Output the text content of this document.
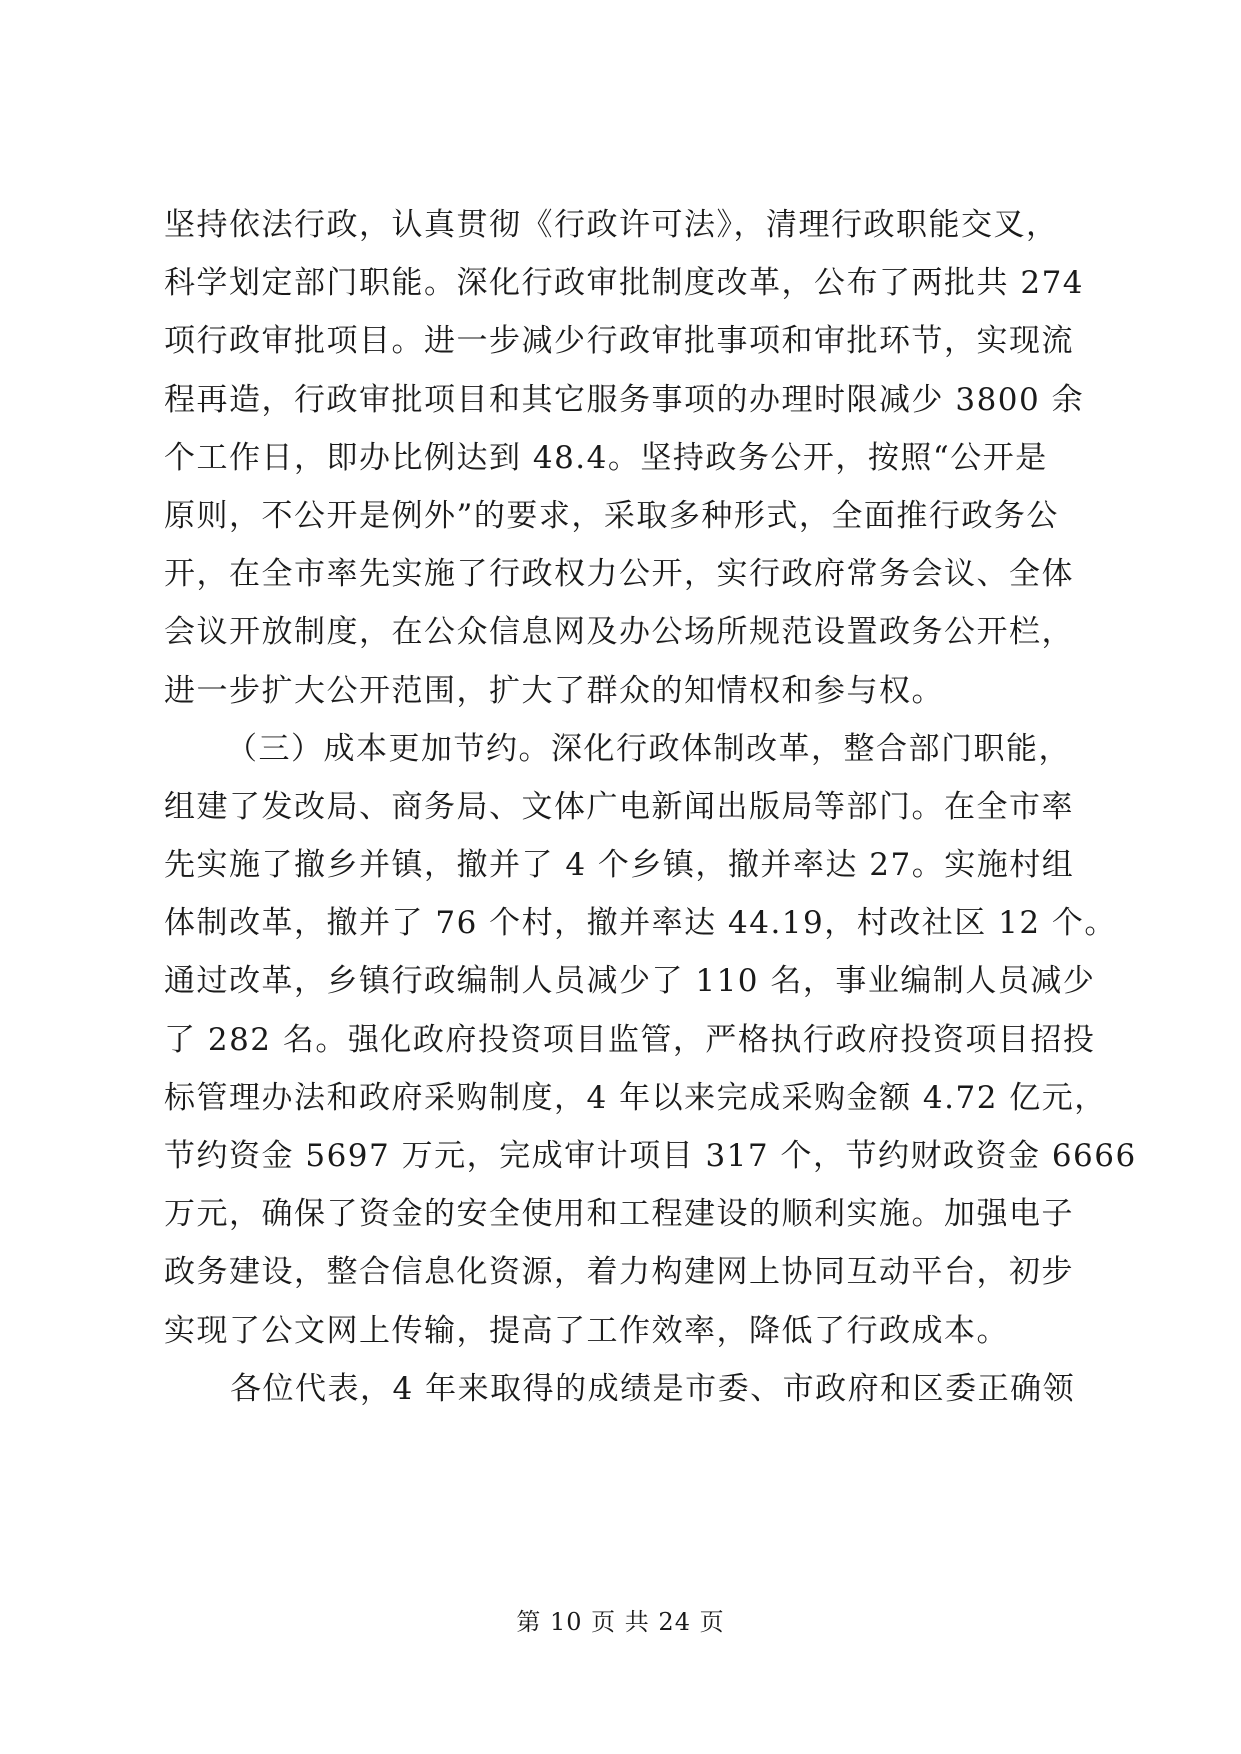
坚持依法行政，认真贯彻《行政许可法》，清理行政职能交叉，
科学划定部门职能。深化行政审批制度改革，公布了两批共 274
项行政审批项目。进一步减少行政审批事项和审批环节，实现流
程再造，行政审批项目和其它服务事项的办理时限减少 3800 余
个工作日，即办比例达到 48.4。坚持政务公开，按照“公开是
原则，不公开是例外”的要求，采取多种形式，全面推行政务公
开，在全市率先实施了行政权力公开，实行政府常务会议、全体
会议开放制度，在公众信息网及办公场所规范设置政务公开栏，
进一步扩大公开范围，扩大了群众的知情权和参与权。
（三）成本更加节约。深化行政体制改革，整合部门职能，
组建了发改局、商务局、文体广电新闻出版局等部门。在全市率
先实施了撤乡并镇，撤并了 4 个乡镇，撤并率达 27。实施村组
体制改革，撤并了 76 个村，撤并率达 44.19，村改社区 12 个。
通过改革，乡镇行政编制人员减少了 110 名，事业编制人员减少
了 282 名。强化政府投资项目监管，严格执行政府投资项目招投
标管理办法和政府采购制度，4 年以来完成采购金额 4.72 亿元，
节约资金 5697 万元，完成审计项目 317 个，节约财政资金 6666
万元，确保了资金的安全使用和工程建设的顺利实施。加强电子
政务建设，整合信息化资源，着力构建网上协同互动平台，初步
实现了公文网上传输，提高了工作效率，降低了行政成本。
各位代表，4 年来取得的成绩是市委、市政府和区委正确领
第 10 页 共 24 页
